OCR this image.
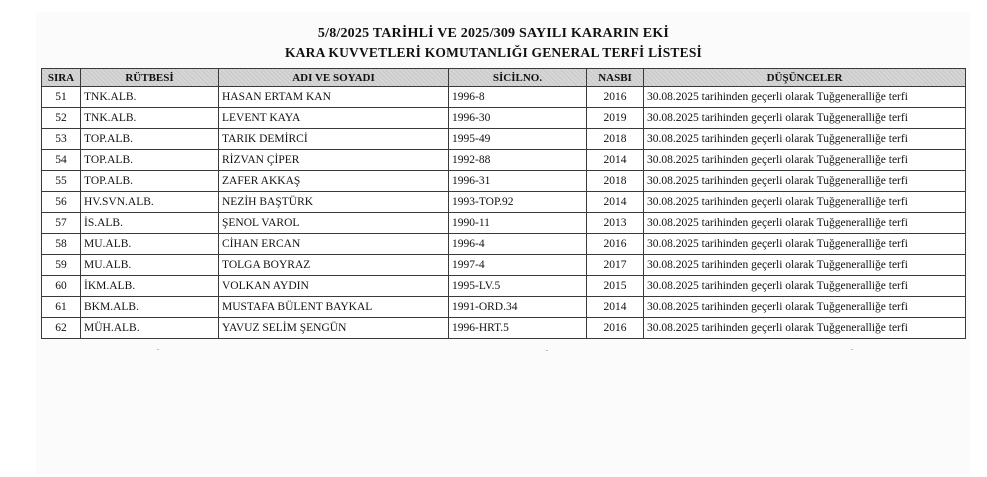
5/8/2025 TARİHLİ VE 2025/309 SAYILI KARARIN EKİ
KARA KUVVETLERİ KOMUTANLIĞI GENERAL TERFİ LİSTESİ
SIRA	RÜTBESİ	ADI VE SOYADI	SİCİLNO.	NASBI	DÜŞÜNCELER
51	TNK.ALB.	HASAN ERTAM KAN	1996-8	2016	30.08.2025 tarihinden geçerli olarak Tuğgeneralliğe terfi
52	TNK.ALB.	LEVENT KAYA	1996-30	2019	30.08.2025 tarihinden geçerli olarak Tuğgeneralliğe terfi
53	TOP.ALB.	TARIK DEMİRCİ	1995-49	2018	30.08.2025 tarihinden geçerli olarak Tuğgeneralliğe terfi
54	TOP.ALB.	RİZVAN ÇİPER	1992-88	2014	30.08.2025 tarihinden geçerli olarak Tuğgeneralliğe terfi
55	TOP.ALB.	ZAFER AKKAŞ	1996-31	2018	30.08.2025 tarihinden geçerli olarak Tuğgeneralliğe terfi
56	HV.SVN.ALB.	NEZİH BAŞTÜRK	1993-TOP.92	2014	30.08.2025 tarihinden geçerli olarak Tuğgeneralliğe terfi
57	İS.ALB.	ŞENOL VAROL	1990-11	2013	30.08.2025 tarihinden geçerli olarak Tuğgeneralliğe terfi
58	MU.ALB.	CİHAN ERCAN	1996-4	2016	30.08.2025 tarihinden geçerli olarak Tuğgeneralliğe terfi
59	MU.ALB.	TOLGA BOYRAZ	1997-4	2017	30.08.2025 tarihinden geçerli olarak Tuğgeneralliğe terfi
60	İKM.ALB.	VOLKAN AYDIN	1995-LV.5	2015	30.08.2025 tarihinden geçerli olarak Tuğgeneralliğe terfi
61	BKM.ALB.	MUSTAFA BÜLENT BAYKAL	1991-ORD.34	2014	30.08.2025 tarihinden geçerli olarak Tuğgeneralliğe terfi
62	MÜH.ALB.	YAVUZ SELİM ŞENGÜN	1996-HRT.5	2016	30.08.2025 tarihinden geçerli olarak Tuğgeneralliğe terfi
